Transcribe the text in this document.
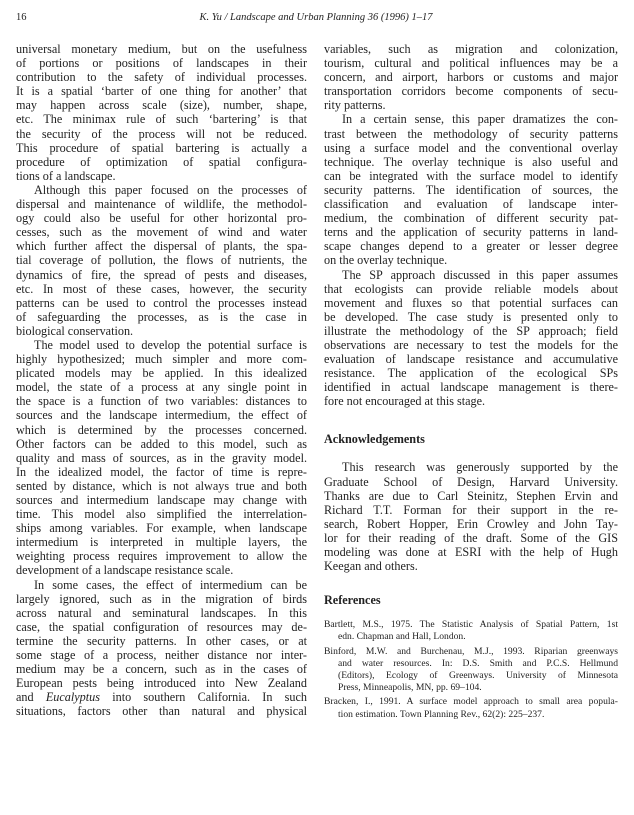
16	K. Yu / Landscape and Urban Planning 36 (1996) 1–17
universal monetary medium, but on the usefulness
of portions or positions of landscapes in their
contribution to the safety of individual processes.
It is a spatial ‘barter of one thing for another’ that
may happen across scale (size), number, shape,
etc. The minimax rule of such ‘bartering’ is that
the security of the process will not be reduced.
This procedure of spatial bartering is actually a
procedure of optimization of spatial configura-
tions of a landscape.
Although this paper focused on the processes of
dispersal and maintenance of wildlife, the methodol-
ogy could also be useful for other horizontal pro-
cesses, such as the movement of wind and water
which further affect the dispersal of plants, the spa-
tial coverage of pollution, the flows of nutrients, the
dynamics of fire, the spread of pests and diseases,
etc. In most of these cases, however, the security
patterns can be used to control the processes instead
of safeguarding the processes, as is the case in
biological conservation.
The model used to develop the potential surface is
highly hypothesized; much simpler and more com-
plicated models may be applied. In this idealized
model, the state of a process at any single point in
the space is a function of two variables: distances to
sources and the landscape intermedium, the effect of
which is determined by the processes concerned.
Other factors can be added to this model, such as
quality and mass of sources, as in the gravity model.
In the idealized model, the factor of time is repre-
sented by distance, which is not always true and both
sources and intermedium landscape may change with
time. This model also simplified the interrelation-
ships among variables. For example, when landscape
intermedium is interpreted in multiple layers, the
weighting process requires improvement to allow the
development of a landscape resistance scale.
In some cases, the effect of intermedium can be
largely ignored, such as in the migration of birds
across natural and seminatural landscapes. In this
case, the spatial configuration of resources may de-
termine the security patterns. In other cases, or at
some stage of a process, neither distance nor inter-
medium may be a concern, such as in the cases of
European pests being introduced into New Zealand
and Eucalyptus into southern California. In such
situations, factors other than natural and physical
variables, such as migration and colonization,
tourism, cultural and political influences may be a
concern, and airport, harbors or customs and major
transportation corridors become components of secu-
rity patterns.
In a certain sense, this paper dramatizes the con-
trast between the methodology of security patterns
using a surface model and the conventional overlay
technique. The overlay technique is also useful and
can be integrated with the surface model to identify
security patterns. The identification of sources, the
classification and evaluation of landscape inter-
medium, the combination of different security pat-
terns and the application of security patterns in land-
scape changes depend to a greater or lesser degree
on the overlay technique.
The SP approach discussed in this paper assumes
that ecologists can provide reliable models about
movement and fluxes so that potential surfaces can
be developed. The case study is presented only to
illustrate the methodology of the SP approach; field
observations are necessary to test the models for the
evaluation of landscape resistance and accumulative
resistance. The application of the ecological SPs
identified in actual landscape management is there-
fore not encouraged at this stage.
Acknowledgements
This research was generously supported by the
Graduate School of Design, Harvard University.
Thanks are due to Carl Steinitz, Stephen Ervin and
Richard T.T. Forman for their support in the re-
search, Robert Hopper, Erin Crowley and John Tay-
lor for their reading of the draft. Some of the GIS
modeling was done at ESRI with the help of Hugh
Keegan and others.
References
Bartlett, M.S., 1975. The Statistic Analysis of Spatial Pattern, 1st
edn. Chapman and Hall, London.
Binford, M.W. and Burchenau, M.J., 1993. Riparian greenways
and water resources. In: D.S. Smith and P.C.S. Hellmund
(Editors), Ecology of Greenways. University of Minnesota
Press, Minneapolis, MN, pp. 69–104.
Bracken, I., 1991. A surface model approach to small area popula-
tion estimation. Town Planning Rev., 62(2): 225–237.
